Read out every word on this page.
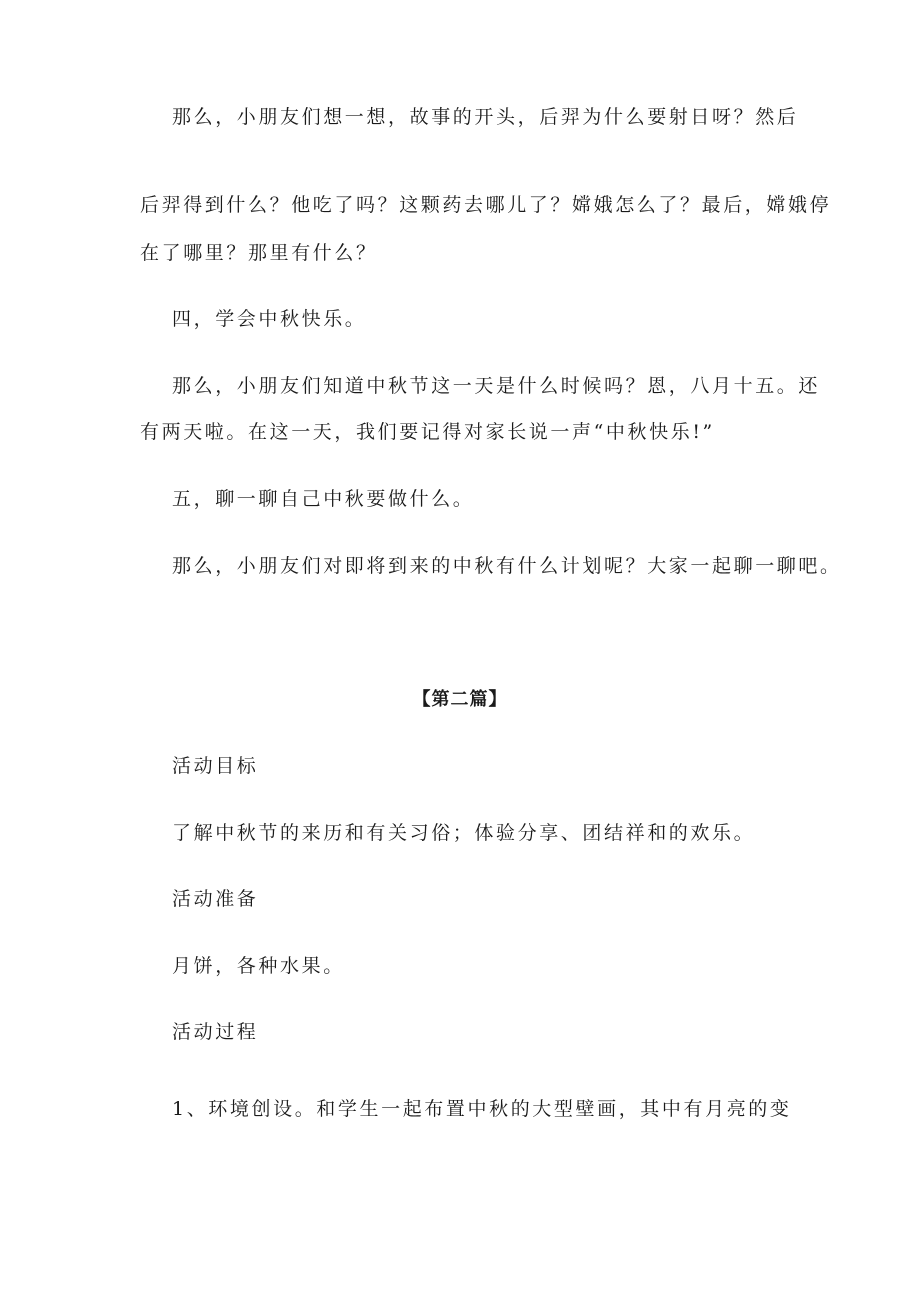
那么，小朋友们想一想，故事的开头，后羿为什么要射日呀？然后
后羿得到什么？他吃了吗？这颗药去哪儿了？嫦娥怎么了？最后，嫦娥停
在了哪里？那里有什么？
四，学会中秋快乐。
那么，小朋友们知道中秋节这一天是什么时候吗？恩，八月十五。还
有两天啦。在这一天，我们要记得对家长说一声“中秋快乐!”
五，聊一聊自己中秋要做什么。
那么，小朋友们对即将到来的中秋有什么计划呢？大家一起聊一聊吧。
【第二篇】
活动目标
了解中秋节的来历和有关习俗；体验分享、团结祥和的欢乐。
活动准备
月饼，各种水果。
活动过程
1、环境创设。和学生一起布置中秋的大型壁画，其中有月亮的变
